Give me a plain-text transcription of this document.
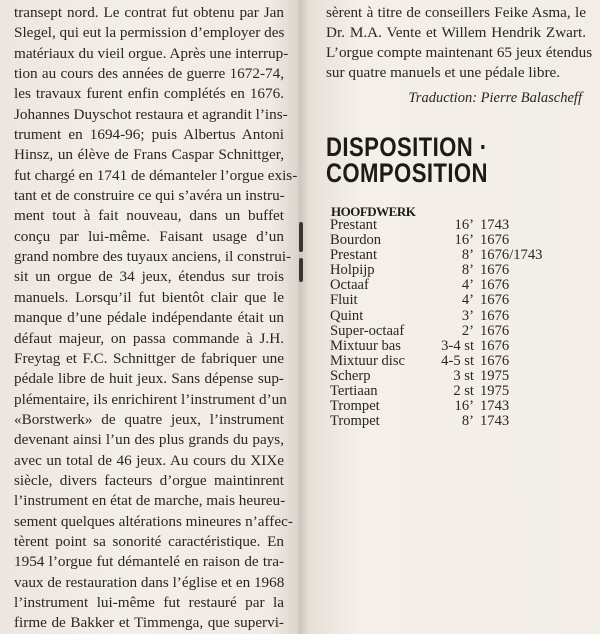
transept nord. Le contrat fut obtenu par Jan
Slegel, qui eut la permission d’employer des
matériaux du vieil orgue. Après une interrup-
tion au cours des années de guerre 1672-74,
les travaux furent enfin complétés en 1676.
Johannes Duyschot restaura et agrandit l’ins-
trument en 1694-96; puis Albertus Antoni
Hinsz, un élève de Frans Caspar Schnittger,
fut chargé en 1741 de démanteler l’orgue exis-
tant et de construire ce qui s’avéra un instru-
ment tout à fait nouveau, dans un buffet
conçu par lui-même. Faisant usage d’un
grand nombre des tuyaux anciens, il construi-
sit un orgue de 34 jeux, étendus sur trois
manuels. Lorsqu’il fut bientôt clair que le
manque d’une pédale indépendante était un
défaut majeur, on passa commande à J.H.
Freytag et F.C. Schnittger de fabriquer une
pédale libre de huit jeux. Sans dépense sup-
plémentaire, ils enrichirent l’instrument d’un
«Borstwerk» de quatre jeux, l’instrument
devenant ainsi l’un des plus grands du pays,
avec un total de 46 jeux. Au cours du XIXe
siècle, divers facteurs d’orgue maintinrent
l’instrument en état de marche, mais heureu-
sement quelques altérations mineures n’affec-
tèrent point sa sonorité caractéristique. En
1954 l’orgue fut démantelé en raison de tra-
vaux de restauration dans l’église et en 1968
l’instrument lui-même fut restauré par la
firme de Bakker et Timmenga, que supervi-
sèrent à titre de conseillers Feike Asma, le
Dr. M.A. Vente et Willem Hendrik Zwart.
L’orgue compte maintenant 65 jeux étendus
sur quatre manuels et une pédale libre.
Traduction: Pierre Balascheff
DISPOSITION ·
COMPOSITION
HOOFDWERK
Prestant	16’ 1743
Bourdon	16’ 1676
Prestant	8’ 1676/1743
Holpijp	8’ 1676
Octaaf	4’ 1676
Fluit	4’ 1676
Quint	3’ 1676
Super-octaaf	2’ 1676
Mixtuur bas	3-4 st 1676
Mixtuur disc 4-5 st 1676
Scherp	3 st 1975
Tertiaan	2 st 1975
Trompet	16’ 1743
Trompet	8’ 1743
